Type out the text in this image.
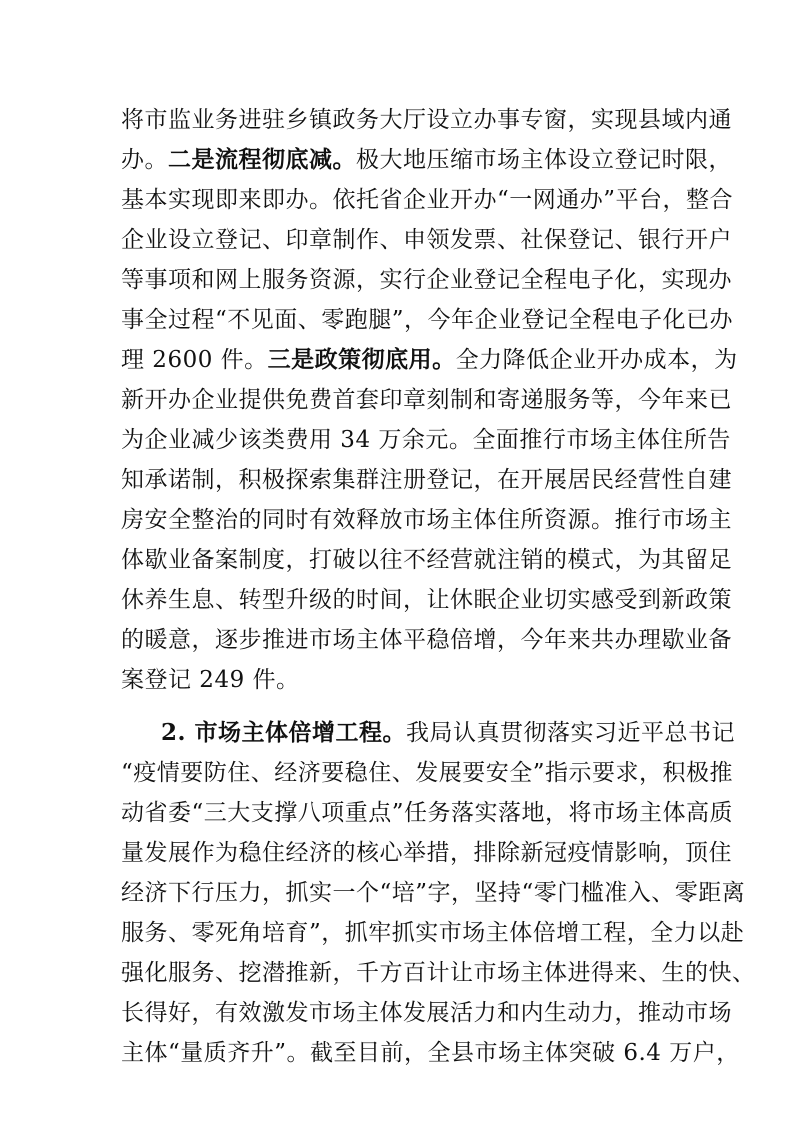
将市监业务进驻乡镇政务大厅设立办事专窗，实现县域内通
办。二是流程彻底减。极大地压缩市场主体设立登记时限，
基本实现即来即办。依托省企业开办“一网通办”平台，整合
企业设立登记、印章制作、申领发票、社保登记、银行开户
等事项和网上服务资源，实行企业登记全程电子化，实现办
事全过程“不见面、零跑腿”，今年企业登记全程电子化已办
理 2600 件。三是政策彻底用。全力降低企业开办成本，为
新开办企业提供免费首套印章刻制和寄递服务等，今年来已
为企业减少该类费用 34 万余元。全面推行市场主体住所告
知承诺制，积极探索集群注册登记，在开展居民经营性自建
房安全整治的同时有效释放市场主体住所资源。推行市场主
体歇业备案制度，打破以往不经营就注销的模式，为其留足
休养生息、转型升级的时间，让休眠企业切实感受到新政策
的暖意，逐步推进市场主体平稳倍增，今年来共办理歇业备
案登记 249 件。
2. 市场主体倍增工程。我局认真贯彻落实习近平总书记
“疫情要防住、经济要稳住、发展要安全”指示要求，积极推
动省委“三大支撑八项重点”任务落实落地，将市场主体高质
量发展作为稳住经济的核心举措，排除新冠疫情影响，顶住
经济下行压力，抓实一个“培”字，坚持“零门槛准入、零距离
服务、零死角培育”，抓牢抓实市场主体倍增工程，全力以赴
强化服务、挖潜推新，千方百计让市场主体进得来、生的快、
长得好，有效激发市场主体发展活力和内生动力，推动市场
主体“量质齐升”。截至目前，全县市场主体突破 6.4 万户，
